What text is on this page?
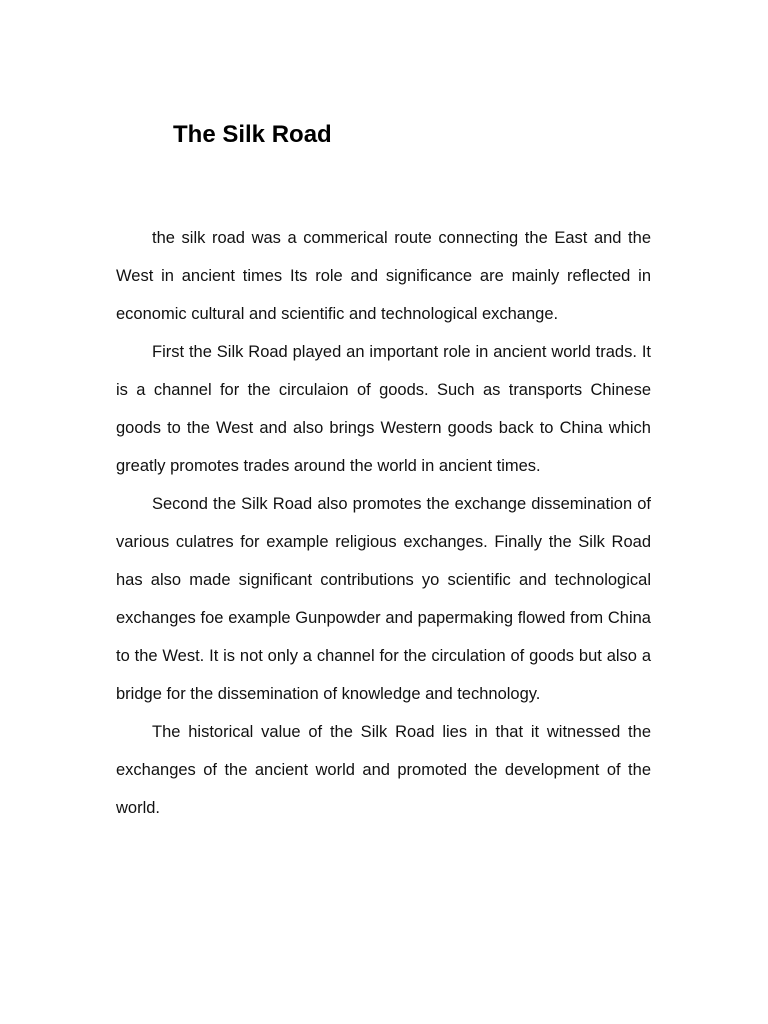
The Silk Road

the silk road was a commerical route connecting the East and the West in ancient times Its role and significance are mainly reflected in economic cultural and scientific and technological exchange.

First the Silk Road played an important role in ancient world trads. It is a channel for the circulaion of goods. Such as transports Chinese goods to the West and also brings Western goods back to China which greatly promotes trades around the world in ancient times.

Second the Silk Road also promotes the exchange dissemination of various culatres for example religious exchanges. Finally the Silk Road has also made significant contributions yo scientific and technological exchanges foe example Gunpowder and papermaking flowed from China to the West. It is not only a channel for the circulation of goods but also a bridge for the dissemination of knowledge and technology.

The historical value of the Silk Road lies in that it witnessed the exchanges of the ancient world and promoted the development of the world.
